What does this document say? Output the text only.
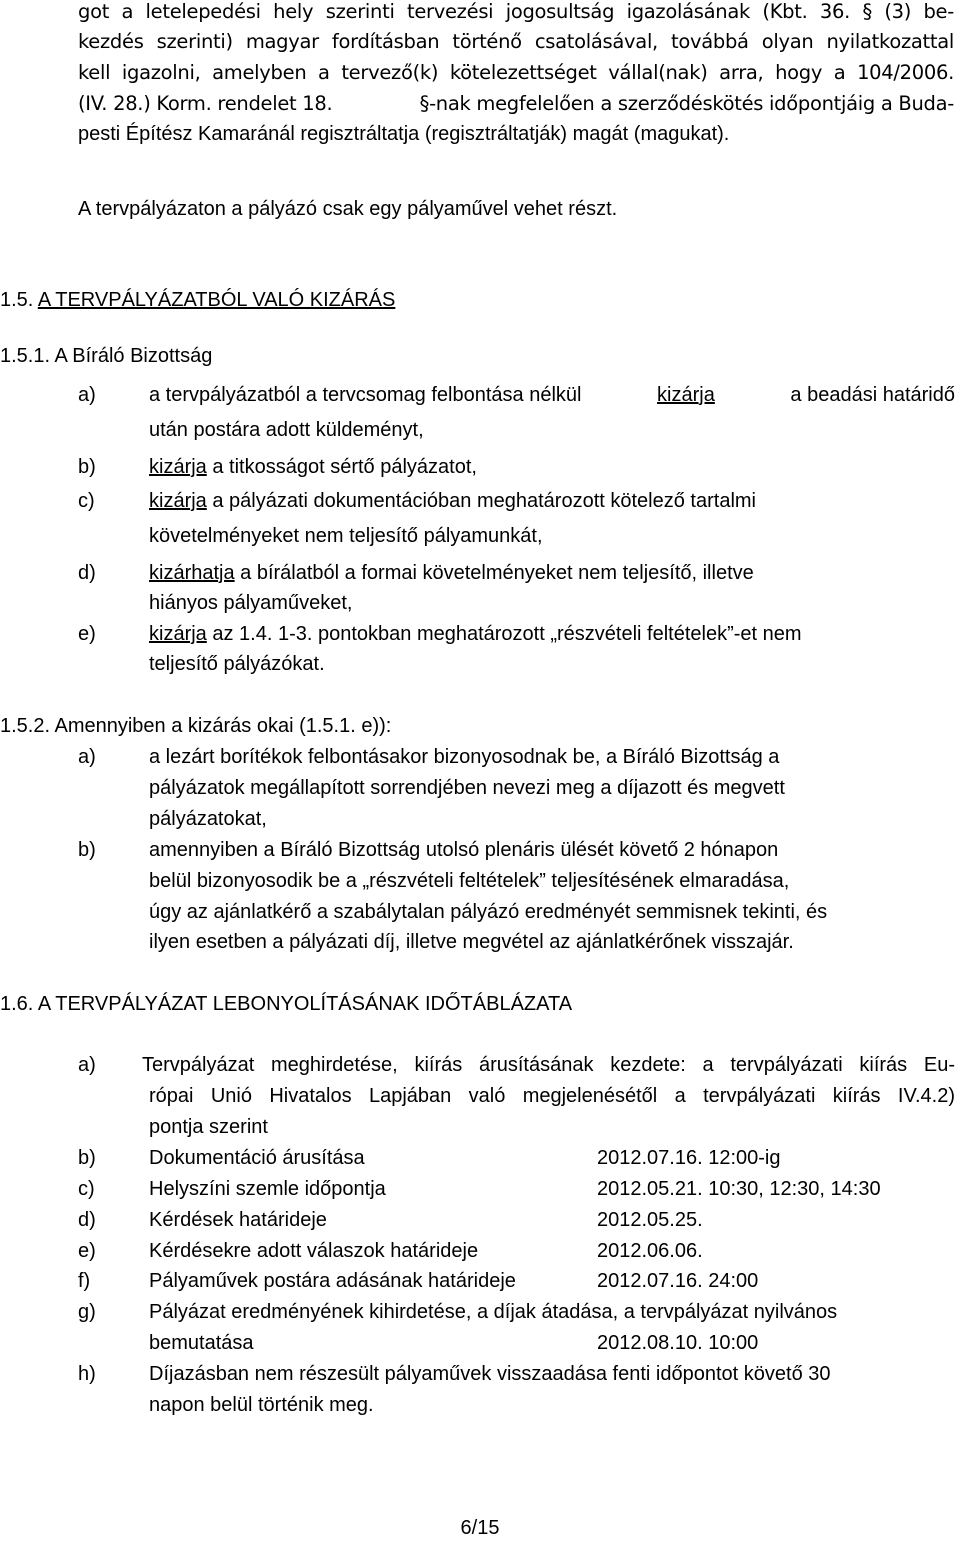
got a letelepedési hely szerinti tervezési jogosultság igazolásának (Kbt. 36. § (3) be-
kezdés szerinti) magyar fordításban történő csatolásával, továbbá olyan nyilatkozattal
kell igazolni, amelyben a tervező(k) kötelezettséget vállal(nak) arra, hogy a 104/2006.
(IV. 28.) Korm. rendelet 18.	§-nak megfelelően a szerződéskötés időpontjáig a Buda-
pesti Építész Kamaránál regisztráltatja (regisztráltatják) magát (magukat).
A tervpályázaton a pályázó csak egy pályaművel vehet részt.
1.5. A TERVPÁLYÁZATBÓL VALÓ KIZÁRÁS
1.5.1. A Bíráló Bizottság
a)	a tervpályázatból a tervcsomag felbontása nélkül	kizárja	a beadási határidő
után postára adott küldeményt,
b)	kizárja a titkosságot sértő pályázatot,
c)	kizárja a pályázati dokumentációban meghatározott kötelező tartalmi
követelményeket nem teljesítő pályamunkát,
d)	kizárhatja a bírálatból a formai követelményeket nem teljesítő, illetve
hiányos pályaműveket,
e)	kizárja az 1.4. 1-3. pontokban meghatározott „részvételi feltételek”-et nem
teljesítő pályázókat.
1.5.2. Amennyiben a kizárás okai (1.5.1. e)):
a)	a lezárt borítékok felbontásakor bizonyosodnak be, a Bíráló Bizottság a
pályázatok megállapított sorrendjében nevezi meg a díjazott és megvett
pályázatokat,
b)	amennyiben a Bíráló Bizottság utolsó plenáris ülését követő 2 hónapon
belül bizonyosodik be a „részvételi feltételek” teljesítésének elmaradása,
úgy az ajánlatkérő a szabálytalan pályázó eredményét semmisnek tekinti, és
ilyen esetben a pályázati díj, illetve megvétel az ajánlatkérőnek visszajár.
1.6. A TERVPÁLYÁZAT LEBONYOLÍTÁSÁNAK IDŐTÁBLÁZATA
a) Tervpályázat meghirdetése, kiírás árusításának kezdete: a tervpályázati kiírás Eu-
rópai Unió Hivatalos Lapjában való megjelenésétől a tervpályázati kiírás IV.4.2)
pontja szerint
b)	Dokumentáció árusítása	2012.07.16. 12:00-ig
c)	Helyszíni szemle időpontja	2012.05.21. 10:30, 12:30, 14:30
d)	Kérdések határideje	2012.05.25.
e)	Kérdésekre adott válaszok határideje	2012.06.06.
f)	Pályaművek postára adásának határideje	2012.07.16. 24:00
g)	Pályázat eredményének kihirdetése, a díjak átadása, a tervpályázat nyilvános
bemutatása	2012.08.10. 10:00
h)	Díjazásban nem részesült pályaművek visszaadása fenti időpontot követő 30
napon belül történik meg.
6/15
